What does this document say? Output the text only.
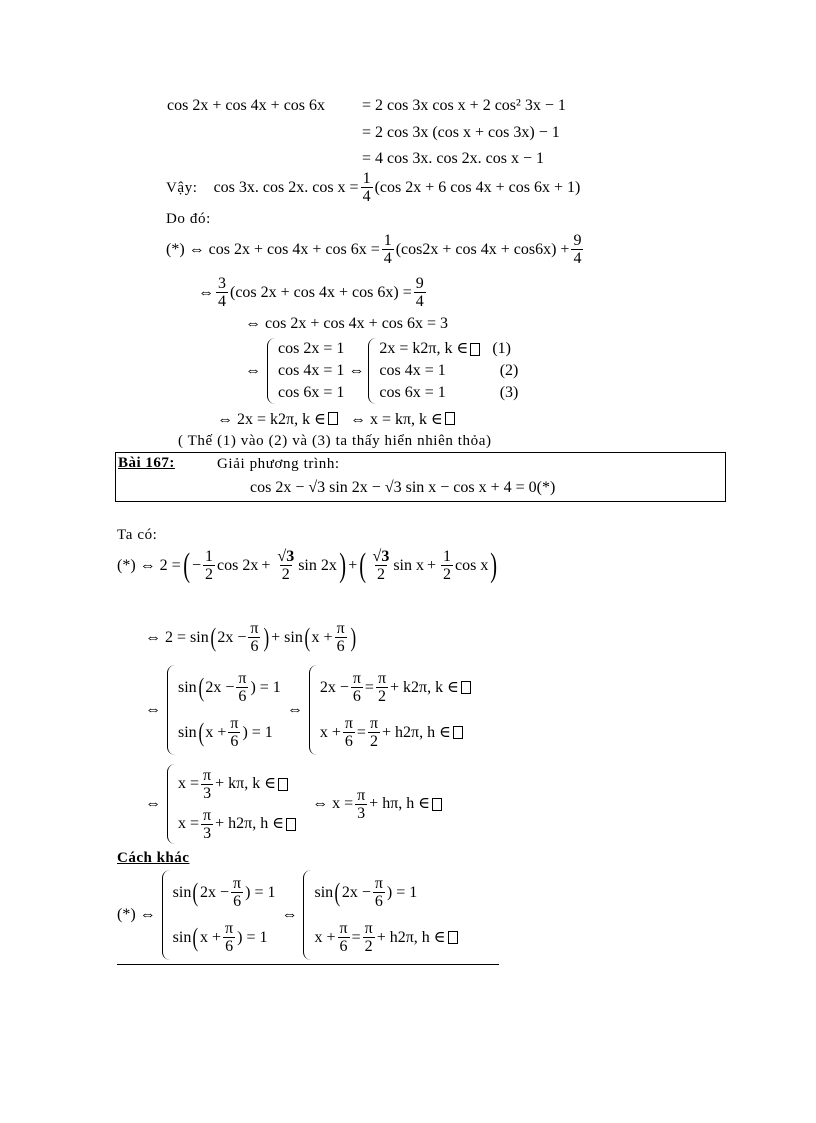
cos 2x + cos 4x + cos 6x = 2 cos 3x cos x + 2 cos² 3x − 1
= 2 cos 3x (cos x + cos 3x) − 1
= 4 cos 3x. cos 2x. cos x − 1
Vậy: cos 3x. cos 2x. $\cos x = \frac{1}{4} (\cos$ 2x + 6 cos 4x + cos 6x + 1)
Do đó:
(*) ⇔ $\cos 2x + \cos 4x + \cos 6x = \frac{1}{4} (\cos 2x + \cos 4x + \cos 6x) + \frac{9}{4}$
⇔ $\frac{3}{4} (\cos$ $2x + \cos 4x + \cos 6x) = \frac{9}{4}$
⇔ cos 2x + cos 4x + cos 6x = 3
⇔
cos 2x = 1
cos 4x = 1
cos 6x = 1
⇔
2x = k2π, k ∈ (1)
cos 4x = 1	(2)
cos 6x = 1	(3)
⇔ 2x = k2π, k ∈ ⇔ x = kπ, k ∈
( Thế (1) vào (2) và (3) ta thấy hiển nhiên thỏa)
Bài 167:	Giải phương trình:
cos 2x − √3 sin 2x − √3 sin x − cos x + 4 = 0(*)
Ta có:
(*) ⇔ 2 = ( − $\frac{1}{2}$ $\cos 2x + \frac{√3}{2}$ sin 2x ) + ( $\frac{√3}{2}$ $\sin x + \frac{1}{2}$ cos x )
⇔ 2 = sin ( $2x - \frac{\pi}{6}$ ) + sin ( $x + \frac{\pi}{6}$ )
⇔
sin ( $2x - \frac{\pi}{6}$ ) = 1
sin ( $x + \frac{\pi}{6}$ ) = 1
⇔
$2x - \frac{\pi}{6} = \frac{\pi}{2} + k2\pi$, k ∈
$x + \frac{\pi}{6} = \frac{\pi}{2} + h2\pi$, h ∈
⇔
$x = \frac{\pi}{3} + k\pi$, k ∈
$x = \frac{\pi}{3} + h2\pi$, h ∈
⇔ $x = \frac{\pi}{3} + h\pi$, h ∈
Cách khác
(*) ⇔
sin ( $2x - \frac{\pi}{6}$ ) = 1
sin ( $x + \frac{\pi}{6}$ ) = 1
⇔
sin ( $2x - \frac{\pi}{6}$ ) = 1
$x + \frac{\pi}{6} = \frac{\pi}{2} + h2\pi$, h ∈
